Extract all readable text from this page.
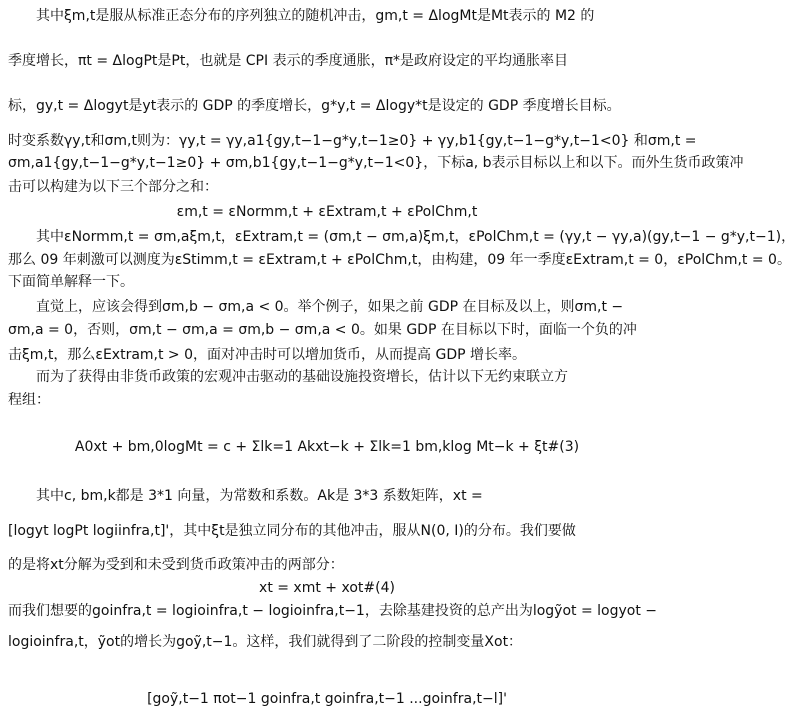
其中ξm,t是服从标准正态分布的序列独立的随机冲击，gm,t = ΔlogMt是Mt表示的 M2 的
季度增长，πt = ΔlogPt是Pt，也就是 CPI 表示的季度通胀，π*是政府设定的平均通胀率目
标，gy,t = Δlogyt是yt表示的 GDP 的季度增长，g*y,t = Δlogy*t是设定的 GDP 季度增长目标。
时变系数γy,t和σm,t则为：γy,t = γy,a1{gy,t−1−g*y,t−1≥0} + γy,b1{gy,t−1−g*y,t−1<0} 和σm,t =
σm,a1{gy,t−1−g*y,t−1≥0} + σm,b1{gy,t−1−g*y,t−1<0}，下标a, b表示目标以上和以下。而外生货币政策冲
击可以构建为以下三个部分之和：
εm,t = εNormm,t + εExtram,t + εPolChm,t
其中εNormm,t = σm,aξm,t，εExtram,t = (σm,t − σm,a)ξm,t，εPolChm,t = (γy,t − γy,a)(gy,t−1 − g*y,t−1)，
那么 09 年刺激可以测度为εStimm,t = εExtram,t + εPolChm,t，由构建，09 年一季度εExtram,t = 0，εPolChm,t = 0。
下面简单解释一下。
直觉上，应该会得到σm,b − σm,a < 0。举个例子，如果之前 GDP 在目标及以上，则σm,t −
σm,a = 0，否则，σm,t − σm,a = σm,b − σm,a < 0。如果 GDP 在目标以下时，面临一个负的冲
击ξm,t，那么εExtram,t > 0，面对冲击时可以增加货币，从而提高 GDP 增长率。
而为了获得由非货币政策的宏观冲击驱动的基础设施投资增长，估计以下无约束联立方
程组：
A0xt + bm,0logMt = c + Σlk=1 Akxt−k + Σlk=1 bm,klog Mt−k + ξt#(3)
其中c, bm,k都是 3*1 向量，为常数和系数。Ak是 3*3 系数矩阵，xt =
[logyt logPt logiinfra,t]'，其中ξt是独立同分布的其他冲击，服从N(0, I)的分布。我们要做
的是将xt分解为受到和未受到货币政策冲击的两部分：
xt = xmt + xot#(4)
而我们想要的goinfra,t = logioinfra,t − logioinfra,t−1，去除基建投资的总产出为logỹot = logyot −
logioinfra,t，ỹot的增长为goỹ,t−1。这样，我们就得到了二阶段的控制变量Xot：
[goỹ,t−1 πot−1 goinfra,t goinfra,t−1 ...goinfra,t−l]'
